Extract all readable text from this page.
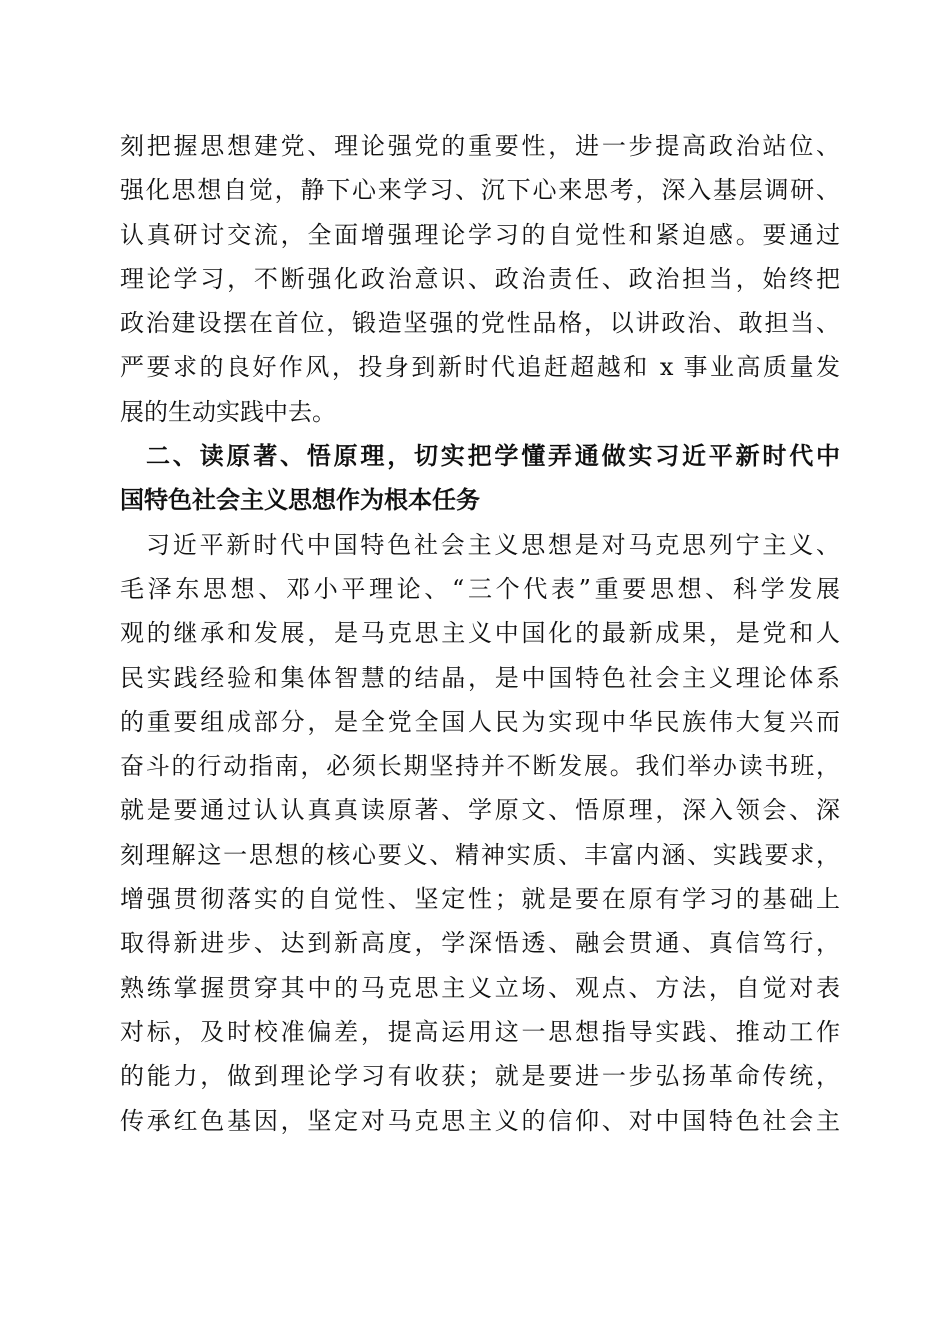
刻把握思想建党、理论强党的重要性，进一步提高政治站位、
强化思想自觉，静下心来学习、沉下心来思考，深入基层调研、
认真研讨交流，全面增强理论学习的自觉性和紧迫感。要通过
理论学习，不断强化政治意识、政治责任、政治担当，始终把
政治建设摆在首位，锻造坚强的党性品格，以讲政治、敢担当、
严要求的良好作风，投身到新时代追赶超越和 x 事业高质量发
展的生动实践中去。
二、读原著、悟原理，切实把学懂弄通做实习近平新时代中
国特色社会主义思想作为根本任务
习近平新时代中国特色社会主义思想是对马克思列宁主义、
毛泽东思想、邓小平理论、“三个代表”重要思想、科学发展
观的继承和发展，是马克思主义中国化的最新成果，是党和人
民实践经验和集体智慧的结晶，是中国特色社会主义理论体系
的重要组成部分，是全党全国人民为实现中华民族伟大复兴而
奋斗的行动指南，必须长期坚持并不断发展。我们举办读书班，
就是要通过认认真真读原著、学原文、悟原理，深入领会、深
刻理解这一思想的核心要义、精神实质、丰富内涵、实践要求，
增强贯彻落实的自觉性、坚定性；就是要在原有学习的基础上
取得新进步、达到新高度，学深悟透、融会贯通、真信笃行，
熟练掌握贯穿其中的马克思主义立场、观点、方法，自觉对表
对标，及时校准偏差，提高运用这一思想指导实践、推动工作
的能力，做到理论学习有收获；就是要进一步弘扬革命传统，
传承红色基因，坚定对马克思主义的信仰、对中国特色社会主
